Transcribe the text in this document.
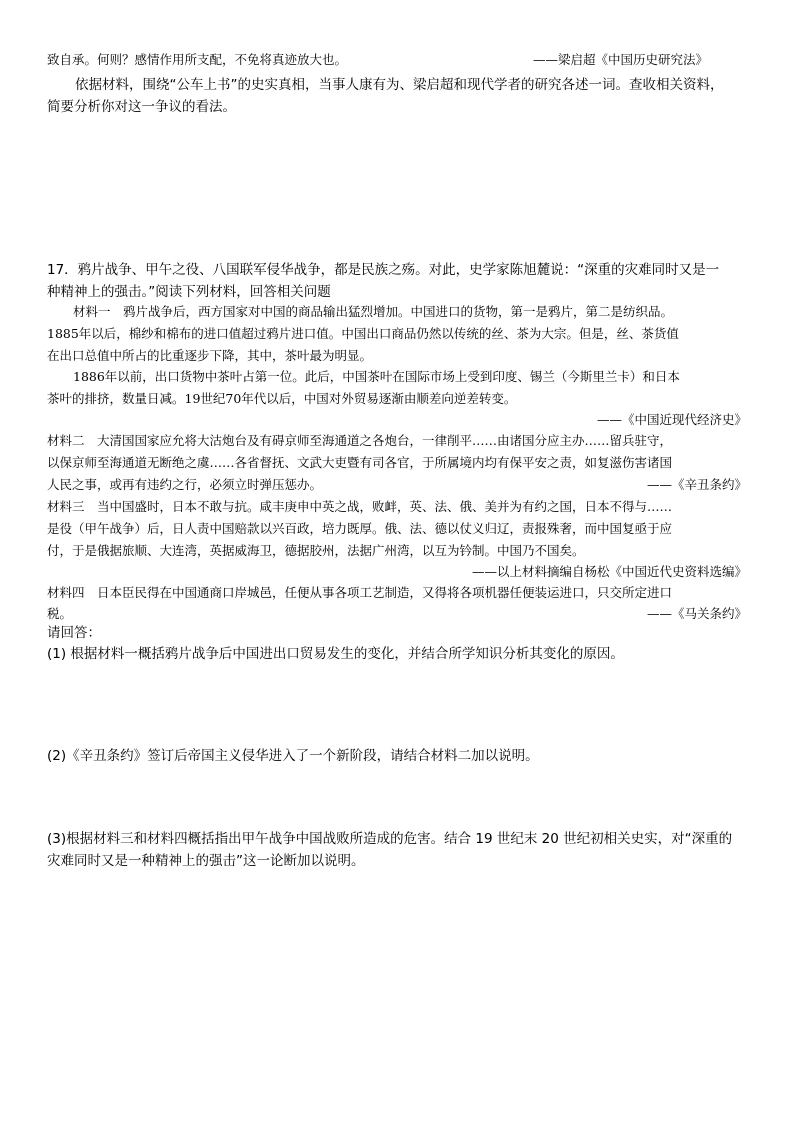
致自承。何则？感情作用所支配，不免将真迹放大也。	——梁启超《中国历史研究法》
依据材料，围绕“公车上书”的史实真相，当事人康有为、梁启超和现代学者的研究各述一词。查收相关资料，
简要分析你对这一争议的看法。
17．鸦片战争、甲午之役、八国联军侵华战争，都是民族之殇。对此，史学家陈旭麓说：“深重的灾难同时又是一
种精神上的强击。”阅读下列材料，回答相关问题
材料一　鸦片战争后，西方国家对中国的商品输出猛烈增加。中国进口的货物，第一是鸦片，第二是纺织品。
1885年以后，棉纱和棉布的进口值超过鸦片进口值。中国出口商品仍然以传统的丝、茶为大宗。但是，丝、茶货值
在出口总值中所占的比重逐步下降，其中，茶叶最为明显。
1886年以前，出口货物中茶叶占第一位。此后，中国茶叶在国际市场上受到印度、锡兰（今斯里兰卡）和日本
茶叶的排挤，数量日减。19世纪70年代以后，中国对外贸易逐渐由顺差向逆差转变。
——《中国近现代经济史》
材料二　大清国国家应允将大沽炮台及有碍京师至海通道之各炮台，一律削平……由诸国分应主办……留兵驻守，
以保京师至海通道无断绝之虞……各省督抚、文武大吏暨有司各官，于所属境内均有保平安之责，如复滋伤害诸国
人民之事，或再有违约之行，必须立时弹压惩办。	——《辛丑条约》
材料三　当中国盛时，日本不敢与抗。咸丰庚申中英之战，败衅，英、法、俄、美并为有约之国，日本不得与……
是役（甲午战争）后，日人责中国赔款以兴百政，培力既厚。俄、法、德以仗义归辽，责报殊奢，而中国复亟于应
付，于是俄据旅顺、大连湾，英据威海卫，德据胶州，法据广州湾，以互为钤制。中国乃不国矣。
——以上材料摘编自杨松《中国近代史资料选编》
材料四　日本臣民得在中国通商口岸城邑，任便从事各项工艺制造，又得将各项机器任便装运进口，只交所定进口
税。	——《马关条约》
请回答：
(1) 根据材料一概括鸦片战争后中国进出口贸易发生的变化，并结合所学知识分析其变化的原因。
(2)《辛丑条约》签订后帝国主义侵华进入了一个新阶段，请结合材料二加以说明。
(3)根据材料三和材料四概括指出甲午战争中国战败所造成的危害。结合 19 世纪末 20 世纪初相关史实，对“深重的
灾难同时又是一种精神上的强击”这一论断加以说明。
